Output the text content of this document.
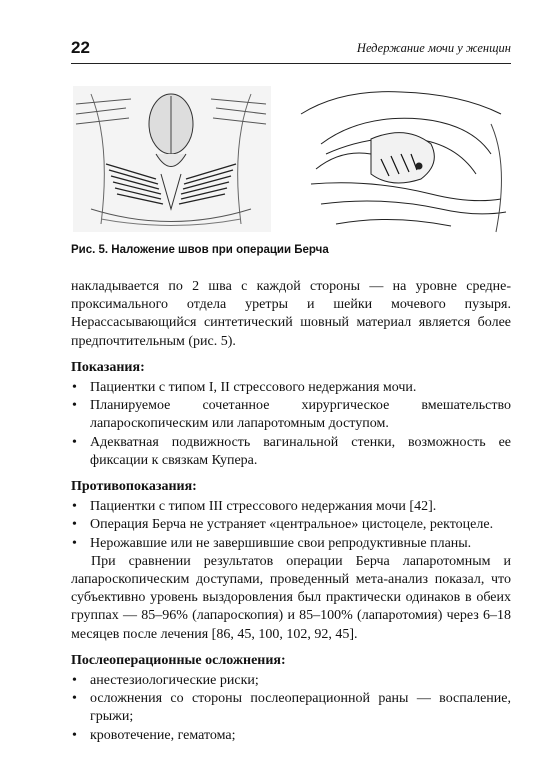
22	Недержание мочи у женщин
Рис. 5. Наложение швов при операции Берча

накладывается по 2 шва с каждой стороны — на уровне средне-проксимального отдела уретры и шейки мочевого пузыря. Нерассасывающийся синтетический шовный материал является более предпочтительным (рис. 5).

Показания:
• Пациентки с типом I, II стрессового недержания мочи.
• Планируемое сочетанное хирургическое вмешательство лапароскопическим или лапаротомным доступом.
• Адекватная подвижность вагинальной стенки, возможность ее фиксации к связкам Купера.
Противопоказания:
• Пациентки с типом III стрессового недержания мочи [42].
• Операция Берча не устраняет «центральное» цистоцеле, ректоцеле.
• Нерожавшие или не завершившие свои репродуктивные планы.

При сравнении результатов операции Берча лапаротомным и лапароскопическим доступами, проведенный мета-анализ показал, что субъективно уровень выздоровления был практически одинаков в обеих группах — 85–96% (лапароскопия) и 85–100% (лапаротомия) через 6–18 месяцев после лечения [86, 45, 100, 102, 92, 45].

Послеоперационные осложнения:
• анестезиологические риски;
• осложнения со стороны послеоперационной раны — воспаление, грыжи;
• кровотечение, гематома;
